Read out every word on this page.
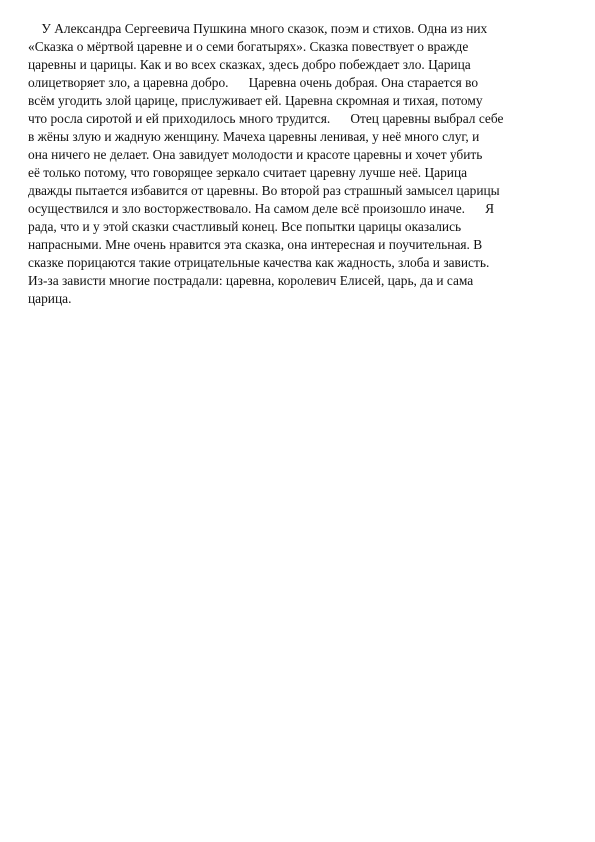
У Александра Сергеевича Пушкина много сказок, поэм и стихов. Одна из них
«Сказка о мёртвой царевне и о семи богатырях». Сказка повествует о вражде
царевны и царицы. Как и во всех сказках, здесь добро побеждает зло. Царица
олицетворяет зло, а царевна добро.      Царевна очень добрая. Она старается во
всём угодить злой царице, прислуживает ей. Царевна скромная и тихая, потому
что росла сиротой и ей приходилось много трудится.      Отец царевны выбрал себе
в жёны злую и жадную женщину. Мачеха царевны ленивая, у неё много слуг, и
она ничего не делает. Она завидует молодости и красоте царевны и хочет убить
её только потому, что говорящее зеркало считает царевну лучше неё. Царица
дважды пытается избавится от царевны. Во второй раз страшный замысел царицы
осуществился и зло восторжествовало. На самом деле всё произошло иначе.      Я
рада, что и у этой сказки счастливый конец. Все попытки царицы оказались
напрасными. Мне очень нравится эта сказка, она интересная и поучительная. В
сказке порицаются такие отрицательные качества как жадность, злоба и зависть.
Из-за зависти многие пострадали: царевна, королевич Елисей, царь, да и сама
царица.
